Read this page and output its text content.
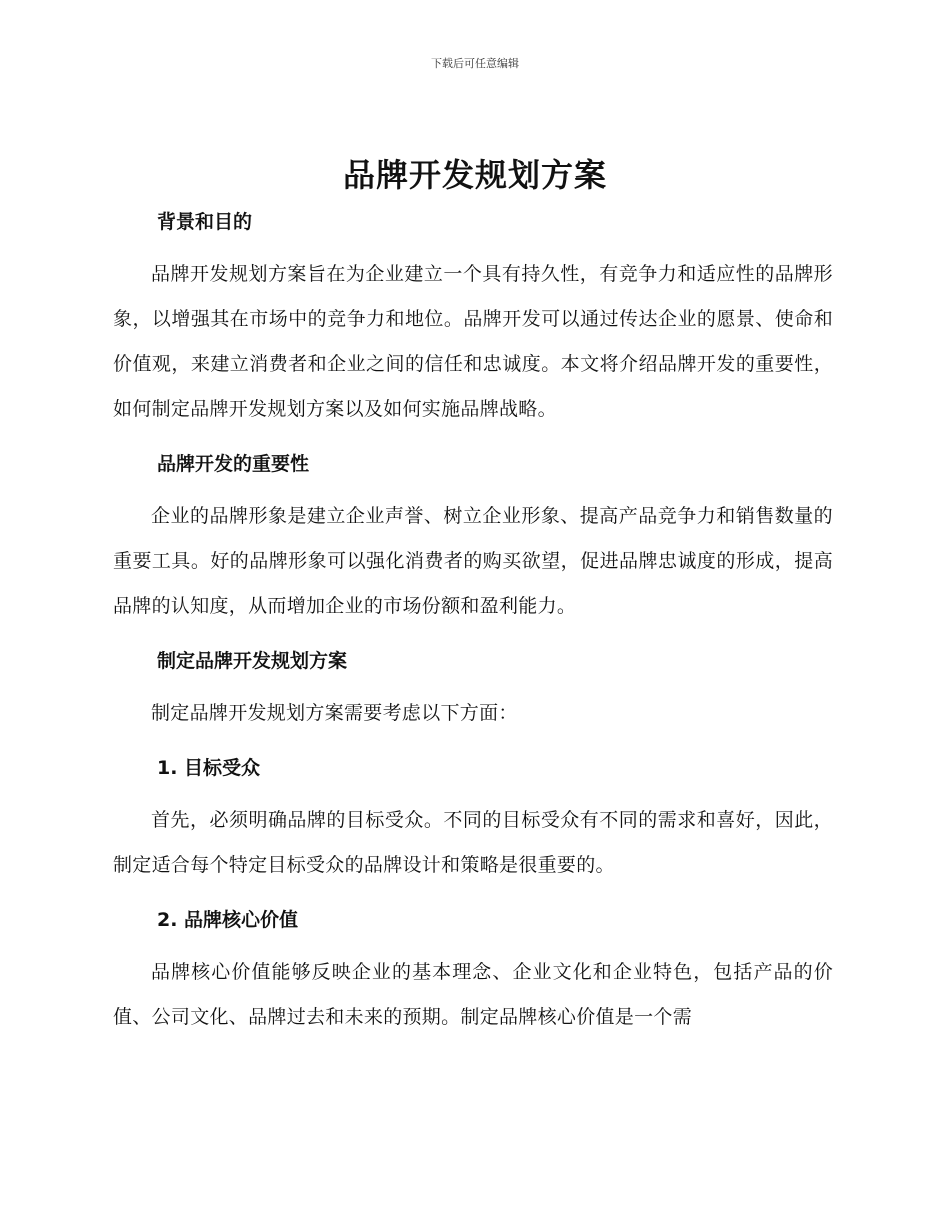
下载后可任意编辑
品牌开发规划方案
背景和目的

品牌开发规划方案旨在为企业建立一个具有持久性，有竞争力和适应性的品牌形象，以增强其在市场中的竞争力和地位。品牌开发可以通过传达企业的愿景、使命和价值观，来建立消费者和企业之间的信任和忠诚度。本文将介绍品牌开发的重要性，如何制定品牌开发规划方案以及如何实施品牌战略。

品牌开发的重要性

企业的品牌形象是建立企业声誉、树立企业形象、提高产品竞争力和销售数量的重要工具。好的品牌形象可以强化消费者的购买欲望，促进品牌忠诚度的形成，提高品牌的认知度，从而增加企业的市场份额和盈利能力。

制定品牌开发规划方案

制定品牌开发规划方案需要考虑以下方面：

1. 目标受众

首先，必须明确品牌的目标受众。不同的目标受众有不同的需求和喜好，因此，制定适合每个特定目标受众的品牌设计和策略是很重要的。

2. 品牌核心价值

品牌核心价值能够反映企业的基本理念、企业文化和企业特色，包括产品的价值、公司文化、品牌过去和未来的预期。制定品牌核心价值是一个需
